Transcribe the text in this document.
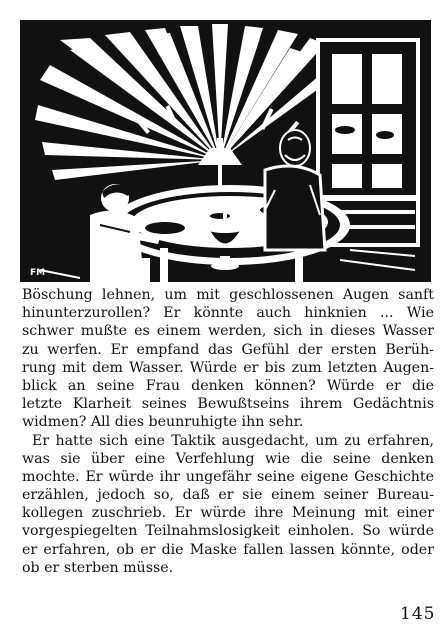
FM
Böschung lehnen, um mit geschlossenen Augen sanft
hinunterzurollen? Er könnte auch hinknien ... Wie
schwer mußte es einem werden, sich in dieses Wasser
zu werfen. Er empfand das Gefühl der ersten Berüh-
rung mit dem Wasser. Würde er bis zum letzten Augen-
blick an seine Frau denken können? Würde er die
letzte Klarheit seines Bewußtseins ihrem Gedächtnis
widmen? All dies beunruhigte ihn sehr.
Er hatte sich eine Taktik ausgedacht, um zu erfahren,
was sie über eine Verfehlung wie die seine denken
mochte. Er würde ihr ungefähr seine eigene Geschichte
erzählen, jedoch so, daß er sie einem seiner Bureau-
kollegen zuschrieb. Er würde ihre Meinung mit einer
vorgespiegelten Teilnahmslosigkeit einholen. So würde
er erfahren, ob er die Maske fallen lassen könnte, oder
ob er sterben müsse.
145
